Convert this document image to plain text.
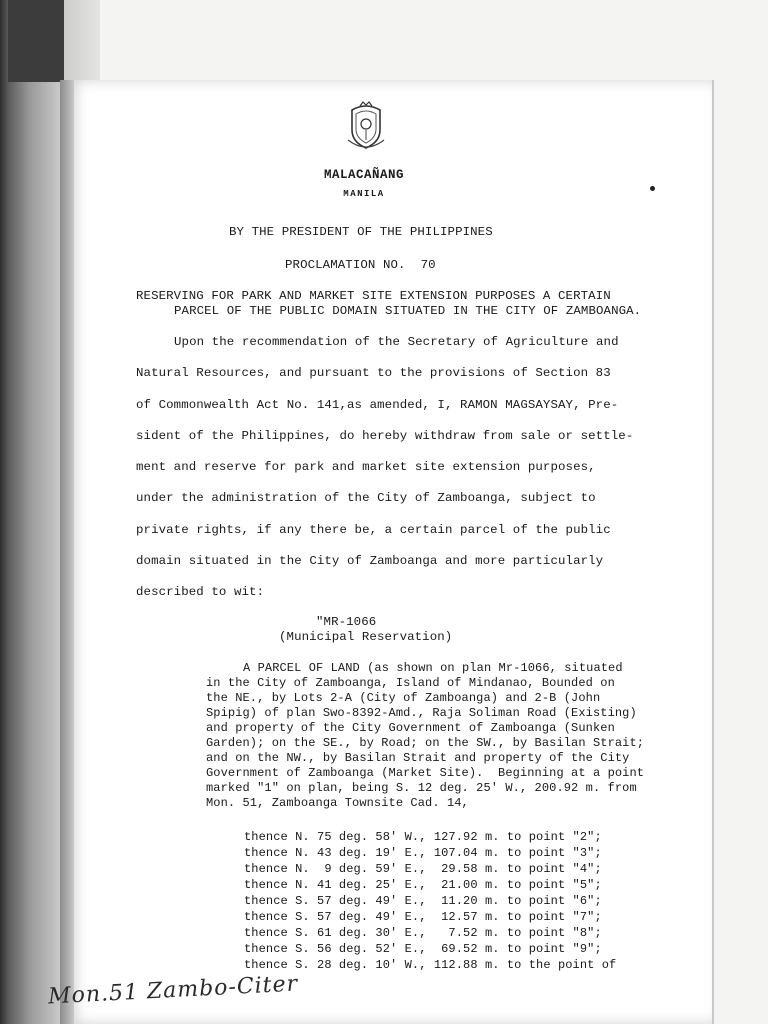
MALACAÑANG
MANILA
BY THE PRESIDENT OF THE PHILIPPINES
PROCLAMATION NO.  70
RESERVING FOR PARK AND MARKET SITE EXTENSION PURPOSES A CERTAIN
PARCEL OF THE PUBLIC DOMAIN SITUATED IN THE CITY OF ZAMBOANGA.
Upon the recommendation of the Secretary of Agriculture and
Natural Resources, and pursuant to the provisions of Section 83
of Commonwealth Act No. 141,as amended, I, RAMON MAGSAYSAY, Pre-
sident of the Philippines, do hereby withdraw from sale or settle-
ment and reserve for park and market site extension purposes,
under the administration of the City of Zamboanga, subject to
private rights, if any there be, a certain parcel of the public
domain situated in the City of Zamboanga and more particularly
described to wit:
"MR-1066
(Municipal Reservation)
A PARCEL OF LAND (as shown on plan Mr-1066, situated
in the City of Zamboanga, Island of Mindanao, Bounded on
the NE., by Lots 2-A (City of Zamboanga) and 2-B (John
Spipig) of plan Swo-8392-Amd., Raja Soliman Road (Existing)
and property of the City Government of Zamboanga (Sunken
Garden); on the SE., by Road; on the SW., by Basilan Strait;
and on the NW., by Basilan Strait and property of the City
Government of Zamboanga (Market Site).  Beginning at a point
marked "1" on plan, being S. 12 deg. 25' W., 200.92 m. from
Mon. 51, Zamboanga Townsite Cad. 14,
thence N. 75 deg. 58' W., 127.92 m. to point "2";
thence N. 43 deg. 19' E., 107.04 m. to point "3";
thence N.  9 deg. 59' E.,  29.58 m. to point "4";
thence N. 41 deg. 25' E.,  21.00 m. to point "5";
thence S. 57 deg. 49' E.,  11.20 m. to point "6";
thence S. 57 deg. 49' E.,  12.57 m. to point "7";
thence S. 61 deg. 30' E.,   7.52 m. to point "8";
thence S. 56 deg. 52' E.,  69.52 m. to point "9";
thence S. 28 deg. 10' W., 112.88 m. to the point of
Mon.51 Zambo-Citer
